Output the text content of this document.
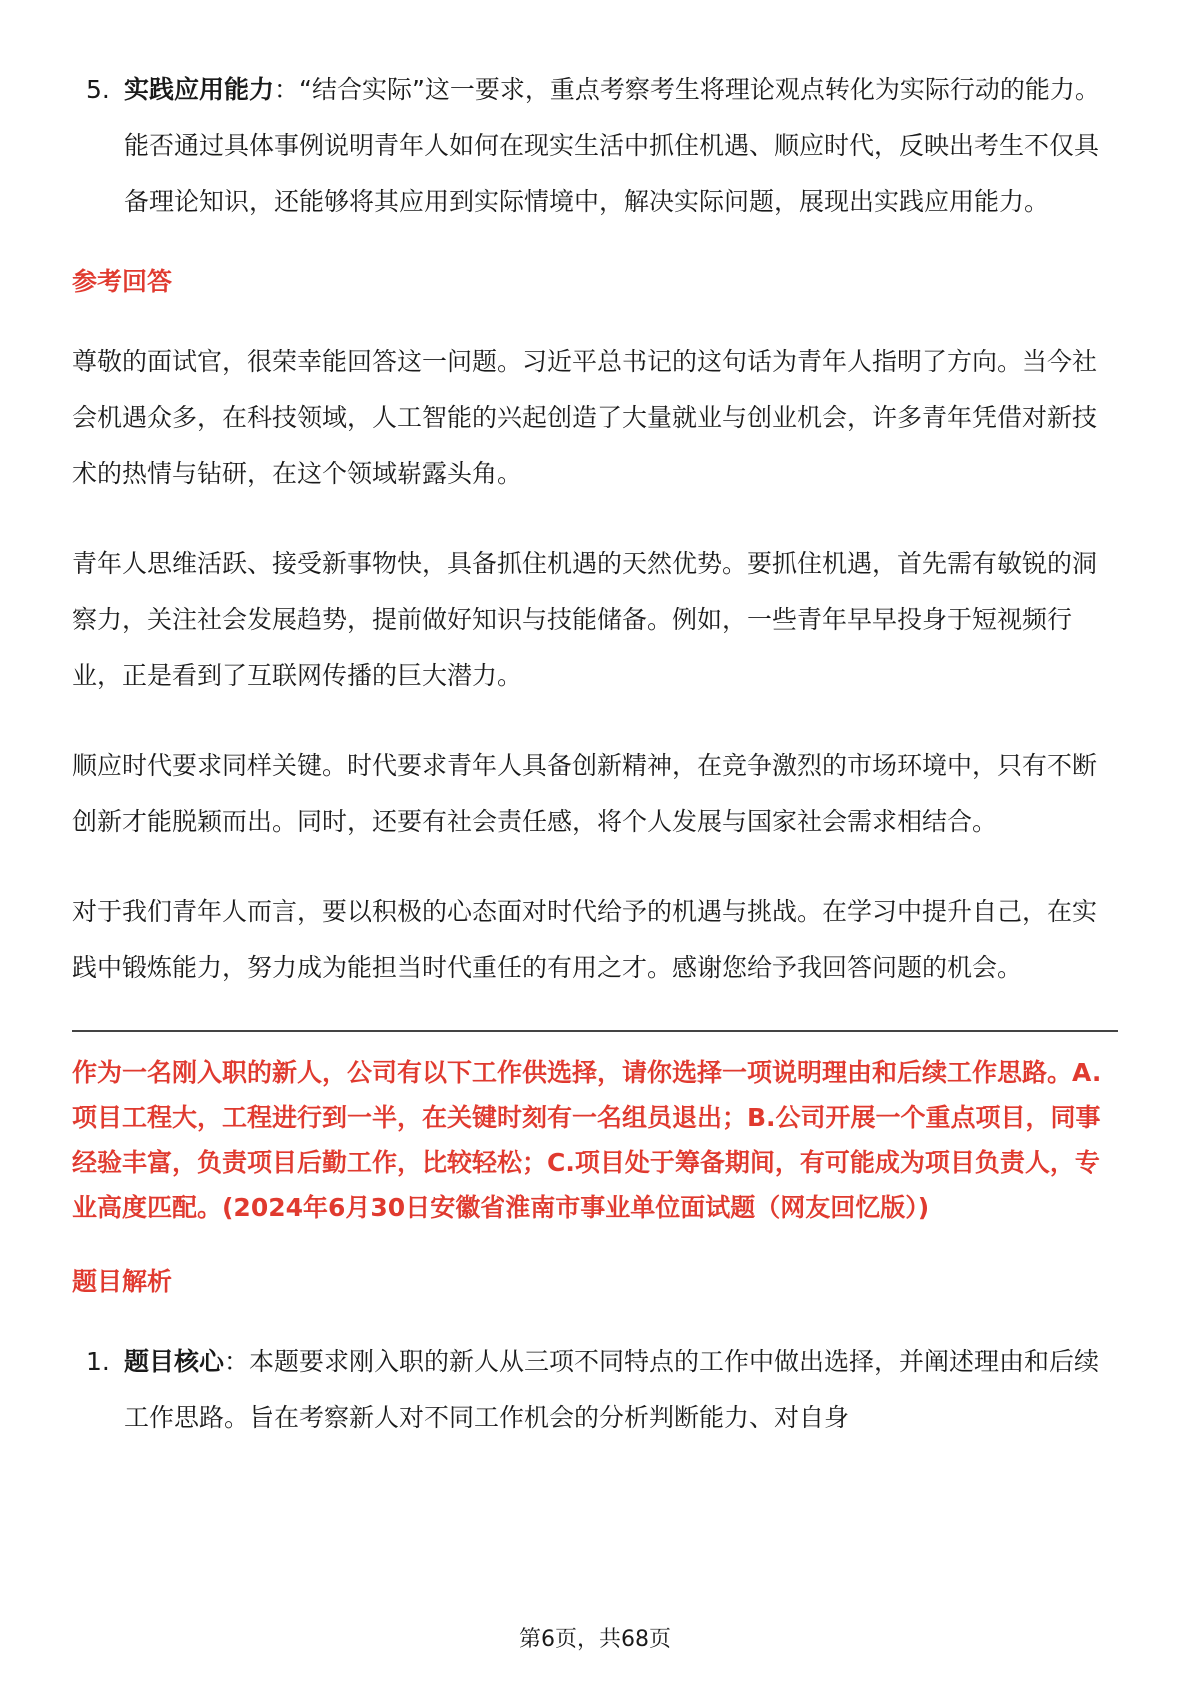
5. 实践应用能力：“结合实际”这一要求，重点考察考生将理论观点转化为实际行动的能力。能否通过具体事例说明青年人如何在现实生活中抓住机遇、顺应时代，反映出考生不仅具备理论知识，还能够将其应用到实际情境中，解决实际问题，展现出实践应用能力。
参考回答
尊敬的面试官，很荣幸能回答这一问题。习近平总书记的这句话为青年人指明了方向。当今社会机遇众多，在科技领域，人工智能的兴起创造了大量就业与创业机会，许多青年凭借对新技术的热情与钻研，在这个领域崭露头角。
青年人思维活跃、接受新事物快，具备抓住机遇的天然优势。要抓住机遇，首先需有敏锐的洞察力，关注社会发展趋势，提前做好知识与技能储备。例如，一些青年早早投身于短视频行业，正是看到了互联网传播的巨大潜力。
顺应时代要求同样关键。时代要求青年人具备创新精神，在竞争激烈的市场环境中，只有不断创新才能脱颖而出。同时，还要有社会责任感，将个人发展与国家社会需求相结合。
对于我们青年人而言，要以积极的心态面对时代给予的机遇与挑战。在学习中提升自己，在实践中锻炼能力，努力成为能担当时代重任的有用之才。感谢您给予我回答问题的机会。
作为一名刚入职的新人，公司有以下工作供选择，请你选择一项说明理由和后续工作思路。A.项目工程大，工程进行到一半，在关键时刻有一名组员退出；B.公司开展一个重点项目，同事经验丰富，负责项目后勤工作，比较轻松；C.项目处于筹备期间，有可能成为项目负责人，专业高度匹配。(2024年6月30日安徽省淮南市事业单位面试题（网友回忆版）)
题目解析
1. 题目核心：本题要求刚入职的新人从三项不同特点的工作中做出选择，并阐述理由和后续工作思路。旨在考察新人对不同工作机会的分析判断能力、对自身
第6页，共68页
